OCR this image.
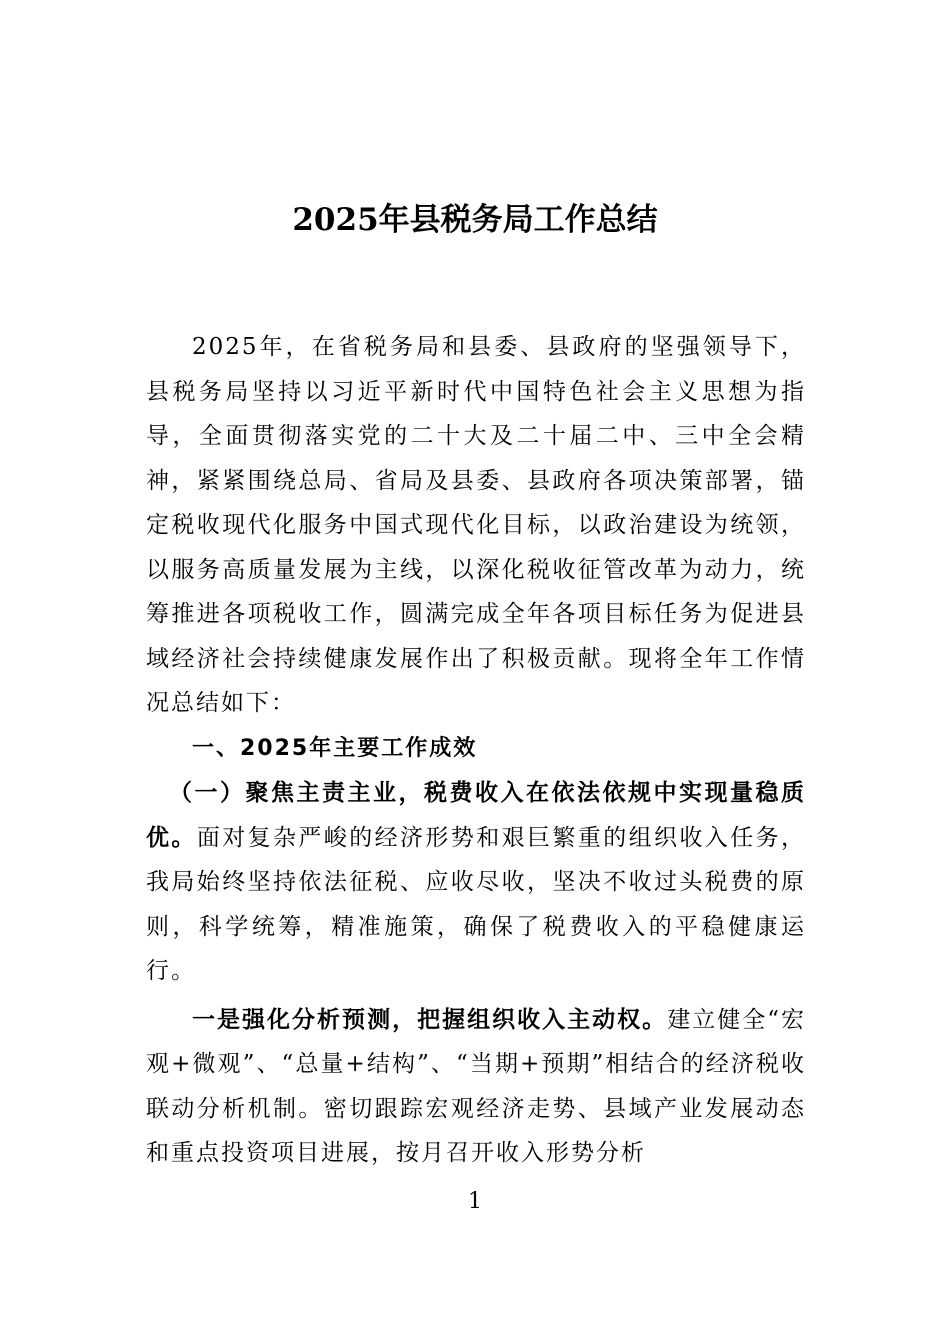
2025年县税务局工作总结

2025年，在省税务局和县委、县政府的坚强领导下，县税务局坚持以习近平新时代中国特色社会主义思想为指导，全面贯彻落实党的二十大及二十届二中、三中全会精神，紧紧围绕总局、省局及县委、县政府各项决策部署，锚定税收现代化服务中国式现代化目标，以政治建设为统领，以服务高质量发展为主线，以深化税收征管改革为动力，统筹推进各项税收工作，圆满完成全年各项目标任务为促进县域经济社会持续健康发展作出了积极贡献。现将全年工作情况总结如下：

一、2025年主要工作成效

（一）聚焦主责主业，税费收入在依法依规中实现量稳质优。面对复杂严峻的经济形势和艰巨繁重的组织收入任务，我局始终坚持依法征税、应收尽收，坚决不收过头税费的原则，科学统筹，精准施策，确保了税费收入的平稳健康运行。

一是强化分析预测，把握组织收入主动权。建立健全“宏观+微观”、“总量+结构”、“当期+预期”相结合的经济税收联动分析机制。密切跟踪宏观经济走势、县域产业发展动态和重点投资项目进展，按月召开收入形势分析

1
